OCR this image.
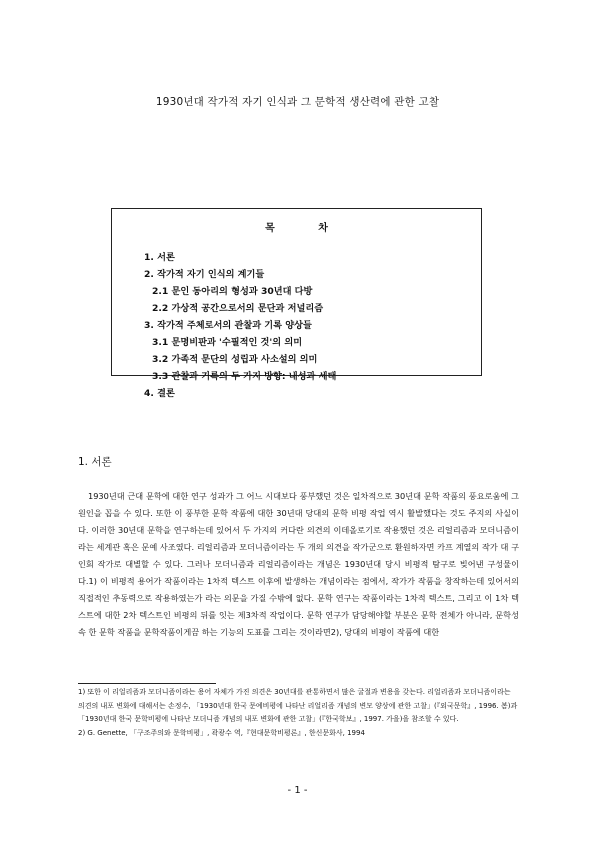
1930년대 작가적 자기 인식과 그 문학적 생산력에 관한 고찰
목 차
1. 서론
2. 작가적 자기 인식의 계기들
2.1 문인 동아리의 형성과 30년대 다방
2.2 가상적 공간으로서의 문단과 저널리즘
3. 작가적 주체로서의 관찰과 기록 양상들
3.1 문명비판과 '수필적인 것'의 의미
3.2 가족적 문단의 성립과 사소설의 의미
3.3 관찰과 기록의 두 가지 방향: 내성과 세태
4. 결론
1. 서론

1930년대 근대 문학에 대한 연구 성과가 그 어느 시대보다 풍부했던 것은 일차적으로 30년대 문학 작품의 풍요로움에 그 원인을 꼽을 수 있다. 또한 이 풍부한 문학 작품에 대한 30년대 당대의 문학 비평 작업 역시 활발했다는 것도 주지의 사실이다. 이러한 30년대 문학을 연구하는데 있어서 두 가지의 커다란 의견의 이데올로기로 작용했던 것은 리얼리즘과 모더니즘이라는 세계관 혹은 문예 사조였다. 리얼리즘과 모더니즘이라는 두 개의 의견을 작가군으로 환원하자면 카프 계열의 작가 대 구인회 작가로 대별할 수 있다. 그러나 모더니즘과 리얼리즘이라는 개념은 1930년대 당시 비평적 탐구로 빚어낸 구성물이다.1) 이 비평적 용어가 작품이라는 1차적 텍스트 이후에 발생하는 개념이라는 점에서, 작가가 작품을 창작하는데 있어서의 직접적인 추동력으로 작용하였는가 라는 의문을 가질 수밖에 없다. 문학 연구는 작품이라는 1차적 텍스트, 그리고 이 1차 텍스트에 대한 2차 텍스트인 비평의 뒤를 잇는 제3차적 작업이다. 문학 연구가 담당해야할 부분은 문학 전체가 아니라, 문학성 속 한 문학 작품을 문학작품이게끔 하는 기능의 도표를 그리는 것이라면2), 당대의 비평이 작품에 대한

1) 또한 이 리얼리즘과 모더니즘이라는 용어 자체가 가진 의견은 30년대를 관통하면서 많은 굴절과 변용을 갖는다. 리얼리즘과 모더니즘이라는 의견의 내포 변화에 대해서는 손정수, 「1930년대 한국 문예비평에 나타난 리얼리즘 개념의 변모 양상에 관한 고찰」(『외국문학』, 1996. 봄)과 「1930년대 한국 문학비평에 나타난 모더니즘 개념의 내포 변화에 관한 고찰」(『한국학보』, 1997. 가을)을 참조할 수 있다.

2) G. Genette, 「구조주의와 문학비평」, 곽광수 역,『현대문학비평론』, 한신문화사, 1994

- 1 -
